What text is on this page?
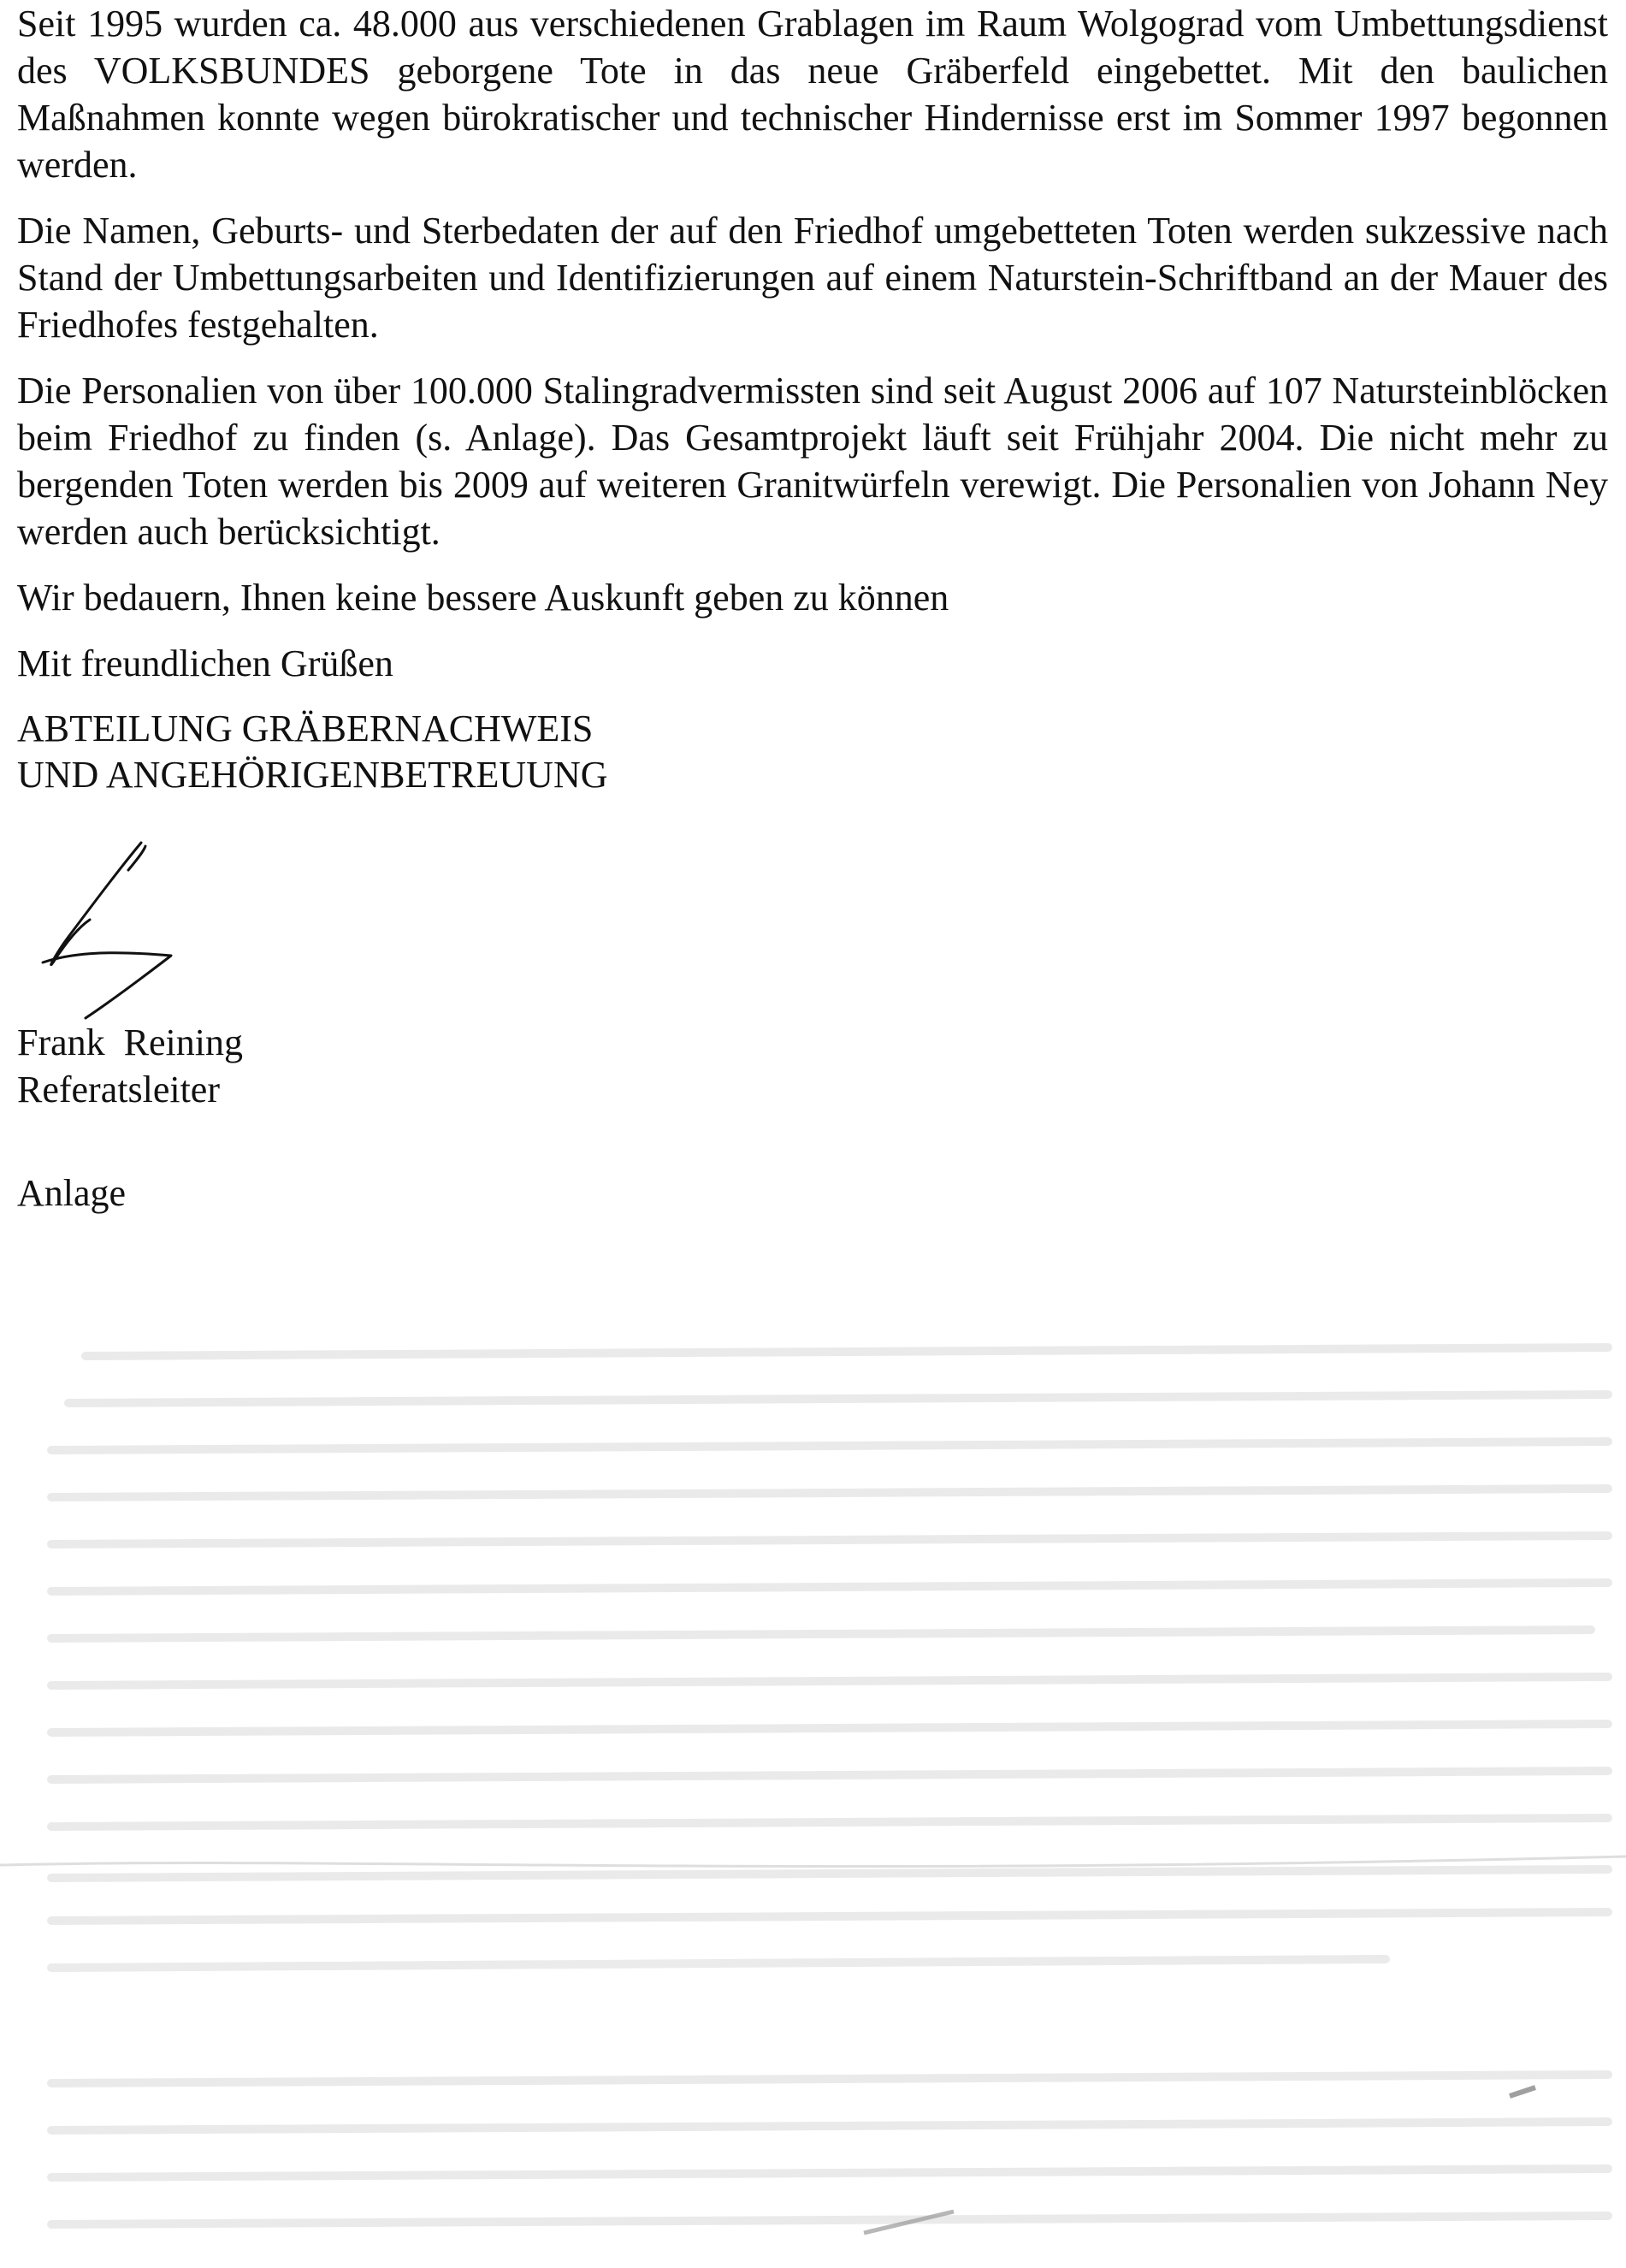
Seit 1995 wurden ca. 48.000 aus verschiedenen Grablagen im Raum Wolgograd vom Umbettungsdienst des VOLKSBUNDES geborgene Tote in das neue Gräberfeld eingebettet. Mit den baulichen Maßnahmen konnte wegen bürokratischer und technischer Hindernisse erst im Sommer 1997 begonnen werden.

Die Namen, Geburts- und Sterbedaten der auf den Friedhof umgebetteten Toten werden sukzessive nach Stand der Umbettungsarbeiten und Identifizierungen auf einem Naturstein-Schriftband an der Mauer des Friedhofes festgehalten.

Die Personalien von über 100.000 Stalingradvermissten sind seit August 2006 auf 107 Natursteinblöcken beim Friedhof zu finden (s. Anlage). Das Gesamtprojekt läuft seit Frühjahr 2004. Die nicht mehr zu bergenden Toten werden bis 2009 auf weiteren Granitwürfeln verewigt. Die Personalien von Johann Ney werden auch berücksichtigt.

Wir bedauern, Ihnen keine bessere Auskunft geben zu können

Mit freundlichen Grüßen

ABTEILUNG GRÄBERNACHWEIS
UND ANGEHÖRIGENBETREUUNG

Frank  Reining
Referatsleiter
Anlage
